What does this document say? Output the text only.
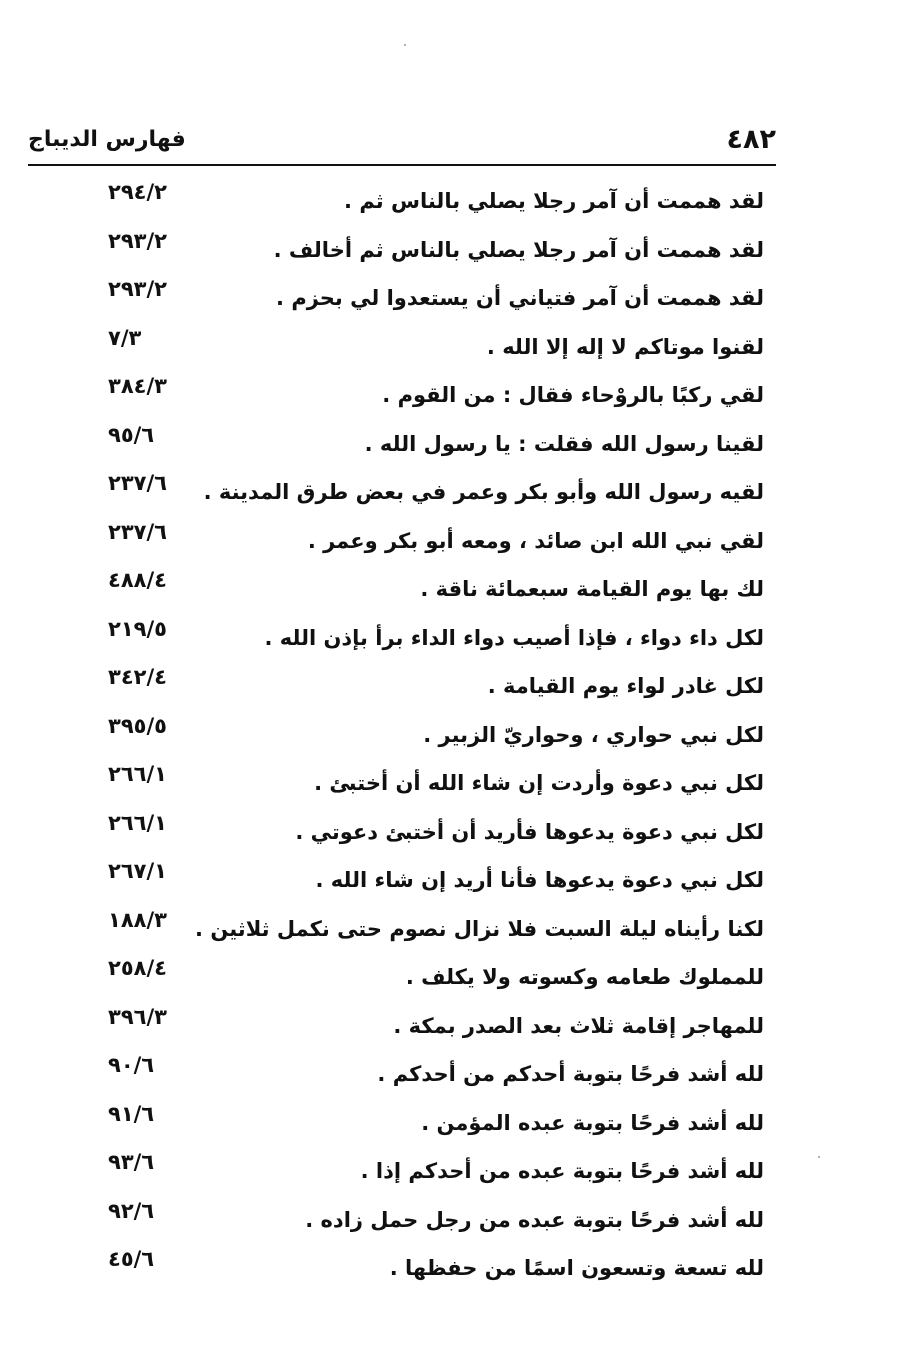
٤٨٢
فهارس الديباج
لقد هممت أن آمر رجلا يصلي بالناس ثم .
٢٩٤/٢
لقد هممت أن آمر رجلا يصلي بالناس ثم أخالف .
٢٩٣/٢
لقد هممت أن آمر فتياني أن يستعدوا لي بحزم .
٢٩٣/٢
لقنوا موتاكم لا إله إلا الله .
٧/٣
لقي ركبًا بالروْحاء فقال : من القوم .
٣٨٤/٣
لقينا رسول الله فقلت : يا رسول الله .
٩٥/٦
لقيه رسول الله وأبو بكر وعمر في بعض طرق المدينة .
٢٣٧/٦
لقي نبي الله ابن صائد ، ومعه أبو بكر وعمر .
٢٣٧/٦
لك بها يوم القيامة سبعمائة ناقة .
٤٨٨/٤
لكل داء دواء ، فإذا أصيب دواء الداء برأ بإذن الله .
٢١٩/٥
لكل غادر لواء يوم القيامة .
٣٤٢/٤
لكل نبي حواري ، وحواريّ الزبير .
٣٩٥/٥
لكل نبي دعوة وأردت إن شاء الله أن أختبئ .
٢٦٦/١
لكل نبي دعوة يدعوها فأريد أن أختبئ دعوتي .
٢٦٦/١
لكل نبي دعوة يدعوها فأنا أريد إن شاء الله .
٢٦٧/١
لكنا رأيناه ليلة السبت فلا نزال نصوم حتى نكمل ثلاثين .
١٨٨/٣
للمملوك طعامه وكسوته ولا يكلف .
٢٥٨/٤
للمهاجر إقامة ثلاث بعد الصدر بمكة .
٣٩٦/٣
لله أشد فرحًا بتوبة أحدكم من أحدكم .
٩٠/٦
لله أشد فرحًا بتوبة عبده المؤمن .
٩١/٦
لله أشد فرحًا بتوبة عبده من أحدكم إذا .
٩٣/٦
لله أشد فرحًا بتوبة عبده من رجل حمل زاده .
٩٢/٦
لله تسعة وتسعون اسمًا من حفظها .
٤٥/٦
